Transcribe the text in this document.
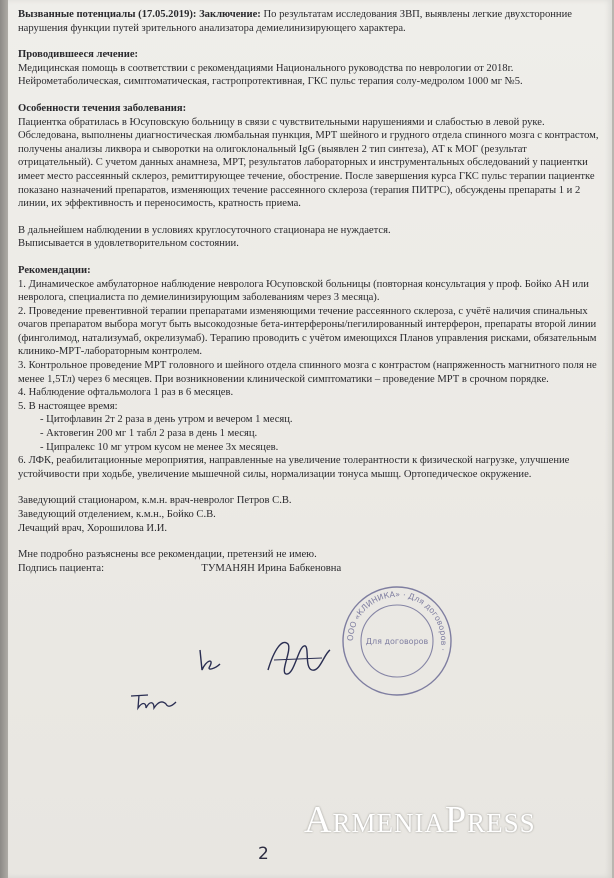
Вызванные потенциалы (17.05.2019): Заключение: По результатам исследования ЗВП, выявлены легкие двухсторонние нарушения функции путей зрительного анализатора демиелинизирующего характера.

Проводившееся лечение:

Медицинская помощь в соответствии с рекомендациями Национального руководства по неврологии от 2018г.

Нейрометаболическая, симптоматическая, гастропротективная, ГКС пульс терапия солу-медролом 1000 мг №5.

Особенности течения заболевания:

Пациентка обратилась в Юсуповскую больницу в связи с чувствительными нарушениями и слабостью в левой руке. Обследована, выполнены диагностическая люмбальная пункция, МРТ шейного и грудного отдела спинного мозга с контрастом, получены анализы ликвора и сыворотки на олигоклональный IgG (выявлен 2 тип синтеза), АТ к МОГ (результат отрицательный). С учетом данных анамнеза, МРТ, результатов лабораторных и инструментальных обследований у пациентки имеет место рассеянный склероз, ремиттирующее течение, обострение. После завершения курса ГКС пульс терапии пациентке показано назначений препаратов, изменяющих течение рассеянного склероза (терапия ПИТРС), обсуждены препараты 1 и 2 линии, их эффективность и переносимость, кратность приема.

В дальнейшем наблюдении в условиях круглосуточного стационара не нуждается.

Выписывается в удовлетворительном состоянии.

Рекомендации:

1. Динамическое амбулаторное наблюдение невролога Юсуповской больницы (повторная консультация у проф. Бойко АН или невролога, специалиста по демиелинизирующим заболеваниям через 3 месяца).

2. Проведение превентивной терапии препаратами изменяющими течение рассеянного склероза, с учётё наличия спинальных очагов препаратом выбора могут быть высокодозные бета-интерфероны/пегилированный интерферон, препараты второй линии (финголимод, натализумаб, окрелизумаб). Терапию проводить с учётом имеющихся Планов управления рисками, обязательным клинико-МРТ-лабораторным контролем.

3. Контрольное проведение МРТ головного и шейного отдела спинного мозга с контрастом (напряженность магнитного поля не менее 1,5Тл) через 6 месяцев. При возникновении клинической симптоматики – проведение МРТ в срочном порядке.

4. Наблюдение офтальмолога 1 раз в 6 месяцев.

5. В настоящее время:

- Цитофлавин 2т 2 раза в день утром и вечером 1 месяц.

- Актовегин 200 мг 1 табл 2 раза в день 1 месяц.

- Ципралекс 10 мг утром кусом не менее 3х месяцев.

6. ЛФК, реабилитационные мероприятия, направленные на увеличение толерантности к физической нагрузке, улучшение устойчивости при ходьбе, увеличение мышечной силы, нормализации тонуса мышц. Ортопедическое окружение.

Заведующий стационаром, к.м.н. врач-невролог Петров С.В.

Заведующий отделением, к.м.н., Бойко С.В.

Лечащий врач, Хорошилова И.И.

Мне подробно разъяснены все рекомендации, претензий не имею.

Подпись пациента:	ТУМАНЯН Ирина Бабкеновна

ООО «КЛИНИКА» · Для договоров ·
Для договоров
ArmeniaPress
2
